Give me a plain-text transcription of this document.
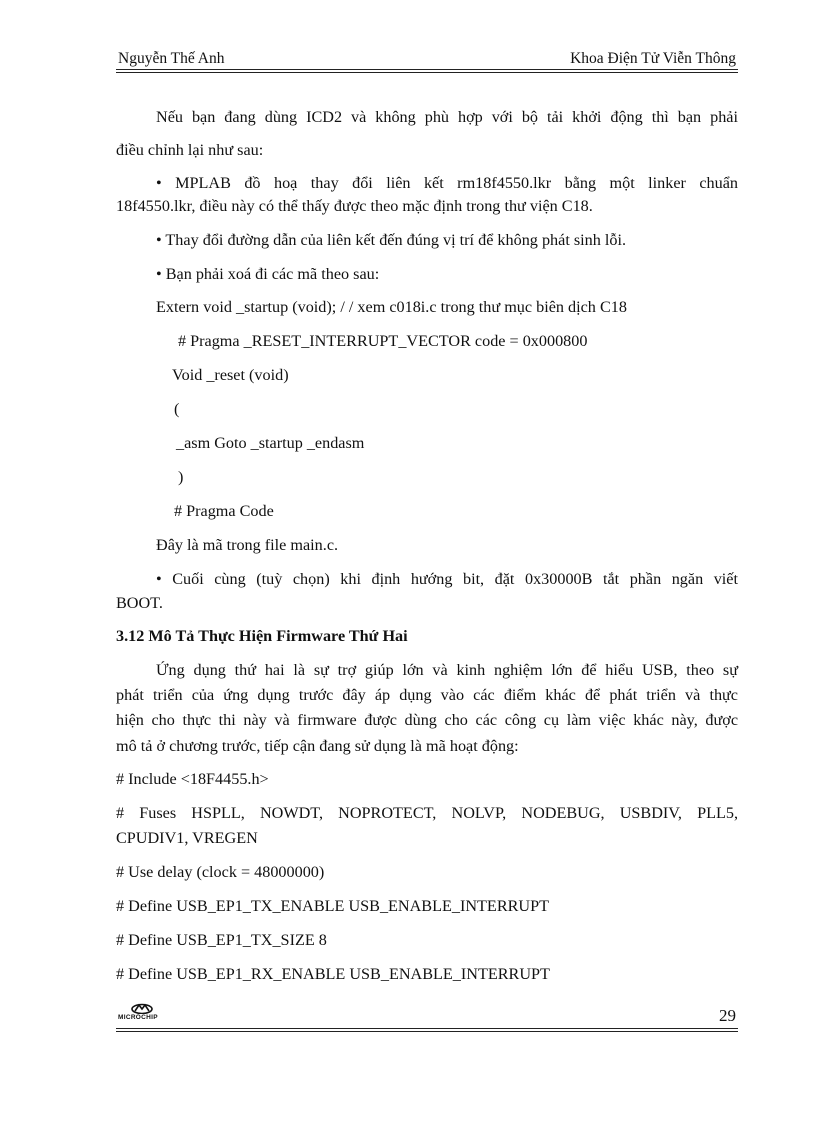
Nguyễn Thế Anh	Khoa Điện Tử Viễn Thông
Nếu bạn đang dùng ICD2 và không phù hợp với bộ tải khởi động thì bạn phải
điều chỉnh lại như sau:
• MPLAB đồ hoạ thay đổi liên kết rm18f4550.lkr bằng một linker chuẩn
18f4550.lkr, điều này có thể thấy được theo mặc định trong thư viện C18.
• Thay đổi đường dẫn của liên kết đến đúng vị trí để không phát sinh lỗi.
• Bạn phải xoá đi các mã theo sau:
Extern void _startup (void); / / xem c018i.c trong thư mục biên dịch C18
# Pragma _RESET_INTERRUPT_VECTOR code = 0x000800
Void _reset (void)
(
_asm Goto _startup _endasm
)
# Pragma Code
Đây là mã trong file main.c.
• Cuối cùng (tuỳ chọn) khi định hướng bit, đặt 0x30000B tắt phần ngăn viết
BOOT.
3.12 Mô Tả Thực Hiện Firmware Thứ Hai
Ứng dụng thứ hai là sự trợ giúp lớn và kinh nghiệm lớn để hiểu USB, theo sự
phát triển của ứng dụng trước đây áp dụng vào các điểm khác để phát triển và thực
hiện cho thực thi này và firmware được dùng cho các công cụ làm việc khác này, được
mô tả ở chương trước, tiếp cận đang sử dụng là mã hoạt động:
# Include <18F4455.h>
# Fuses HSPLL, NOWDT, NOPROTECT, NOLVP, NODEBUG, USBDIV, PLL5,
CPUDIV1, VREGEN
# Use delay (clock = 48000000)
# Define USB_EP1_TX_ENABLE USB_ENABLE_INTERRUPT
# Define USB_EP1_TX_SIZE 8
# Define USB_EP1_RX_ENABLE USB_ENABLE_INTERRUPT
MICROCHIP	29
